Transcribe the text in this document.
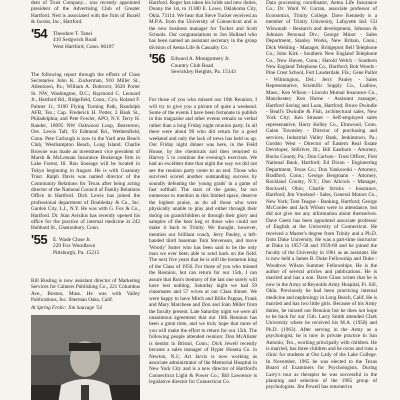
dent of Trust Company... was recently appointed president of the Advertising Club of Greater Hartford. Ned is associated with the firm of Bozell & Jacobs, Inc., Hartford.

'54 Theodore T. Tansi
410 Sedgwick Road
West Hartford, Conn. 06107

The following report through the efforts of Class Secretaries John K. Zuckerman, 910 Miller St., Allentown, Pa.; William A. Dobrovir, 3620 Porter St. NW, Washington, D.C.; Raymond C. Leonard Jr., Hartford Rd., Ridgefield, Conn.; Cyn. Roland F. Palmer Jr., 9100 Flying Turning Path, Randolph AFB, Tex.; Cap. Frederick H. Potter, 2 Bank St., Philadelphia; and Pete Fowler, APO, N.Y. Terry H. Rander, 18095 NW Oakwood Loop, Beaverton, Ore. Lewis Taft, 93 Edmund Rd., Wethersfield, Conn. Pete Carlough is now in the Yard area Beach Club, Westhampton Beach, Long Island. Charlie Browne was made an investment vice president of Marsh & McLennan Insurance Brokerage firm in Lake Forest, Ill. Ron Sousage will be located in Tokyo beginning in August. He is with Guaranty Trust. Ralph Davis was named director of the Community Relations for Texas after being acting director of the National Council of Family Relations Office in Hartford. Dick Lewis has joined the professional department of Doubleday & Co., Inc. Garden City, L.I., N.Y. He was with G. Fox & Co., Hartford. Dr. Stan Avisikis has recently opened his office for the practice of internal medicine at 242 Hubbard St., Glastonbury, Conn.

'55 E. Wade Close Jr.
229 Fox Woodlawn
Pittsburgh, Pa. 15215

Bill Rusling is now assistant director of Marketing Services for Cahners Publishing Co., 221 Columbus Ave., Boston, Mass. He was with Valley Publications, Inc. Sherman Oaks, Calif.

At Spring Frolic: Jim Sauvage '54

Hartford. Roger has taken his bride and new duties, Donny the 1st, to 11300 E. Lowe, Oklahoma City, Okla. 73114. We hear that Steve Tucker received an M.P.A. from the University of Connecticut and is the new business manager for Tucker and Scott Schools. Our congratulations to Jon Holland who has been named an assistant secretary in the group division of Aetna Life & Casualty Co.

'56 Edward A. Montgomery Jr.
Country Club Road
Sewickley Heights, Pa. 15143

For those of you who missed our 10th Reunion, I will try to give you a picture of quite a weekend. Some of the events I have been fortunate to publish in this magazine and other events remain so verbal rather than a long Friday night reunion party. In all there were about 90 who did return for a good weekend and only the lack of news has held us up. Our Friday night dinner was here, in the Field House, by the chemicals and then returned to Harvey 5 to continue the evening's exercises. We had an excellent time that night the way we did not see the reunion party come to an end. Those who survived scored another outstanding success by soundly defeating the 'young grads' in a game of fast softball. The stars of the game, far too numerous to mention in this limited space, deserve the highest praise, as do all those who were physically unable to play and either through their doting on grandchildren or through their glory and samples of the beer keg or those who could not make it back to Trinity. We thought, however, mention our brilliant coach, Jerry Pauley, a left-handed third baseman Tom Stevenson, and move 'Woody' Sutter who has been said to be the only man we ever been able to send back on the field. The next five years that he is still the homerun king of the Class of 1956. For those of you who missed the Reunion, but can return for our 15th, I can assure that Ron's memory of the last one surely will have lost nothing. Saturday night we had 59 classmates and 57 wives at our Class dinner. We were happy to have Mitch and Billie Pappas, Frank and Mary Marchese and Don and Joan Miller from the faculty present. Late Saturday night we were all unanimous agreement that our 10th Reunion has been a great time, and we truly hope that more of you will make the effort to return for our 15th. The following people attended reunion: Don McAlister is dentist in Bristol, Conn.; Dick Jewell recently became a sales manager of Hyper Honeta Co. in Newton, N.J.; Art Jarvis is now working as associate administrator of the Memorial Hospital in New York City and is a new director of Hartford's Connecticut Light & Power Co.; Bill Lawrence is legislative director for Connecticut Co.

Data processing coordinator, Aetna Life Insurance Co.; Dr. Ward W. Curran, associate professor of Economics, Trinity College. Dave Kennedy is a member of Trinity University, Lafayette Ind. Gil Wiswandt - Research and development, Johnson & Johnson Personal Div.; George Minor - Sales Department, Stanley Works, New Britain, Conn.; Dick Wehling - Manager, Bridgeport Bell Telephone Co.; John Kirk - Southern New England Telephone Co., New Haven, Conn.; Harold Welch - Southern New England Telephone Co., Hartford; Bob Woods - Pine Crest School, Fort Lauderdale, Fla.; Gene Pallot - Wilmington, Del.; Jerry Pauley - Sales Representative, Scientific Supply Co., Ludlow, Mass.; Ken Wilson - Lincoln Mutual Insurance Co., Manchester; Ken Horne - Assistant manager, Hartford Saving and Loan, Hartford; Bruce Dwindle - Beall's Dwindle & Fish, architectural sales, New York City; Ken Strasser - Self-employed sales representative, Harry Kelley Co., Elmwood, Conn. Galen Townsley - Director of purchasing and services, Industrial Valley Bank, Jenkintown, Pa.; Gordon West - Director of Eastern Real Estate Developer, Stillriver, Ill.; Bill Eastburn - Attorney, Bucks County, Pa.; Don Carlson - Trust Officer, First National Bank, Hartford; Ed Dixon - Engineering Department, Texas Co.; Don Yankowski - Attorney, Bradford, Conn.; George Bergmann - Attorney, Rockland County, N.Y.; Don Allcock - Manager, Rockwell, Ohio; Charlie Stricks - Insurance, Hartford; Jim Vreeland - Sales, General Motors Co., New York; Tom Teague - Banking, Hartford; George McConlee and Jack Wilson were in attendance, but did not give me any information about themselves. Dave Geetz has been appointed associate professor of English at the University of Connecticut. He received a Master's degree from Trinity and a Ph.D. from Duke University. He was a part-time instructor at Duke in 1957-58 and 1959-60 and he joined the faculty of the University in 1961 as an assistant. He is now held a James B. Duke Fellowship and Duke - Woodrow Wilson Summer Fellowships. He is the author of several articles and publications. He is married and has a son. Dave Glass writes that he is now in the Army at Reynolds Army Hospital, Ft. Sill, Okla. Previously he had been practicing internal medicine and nephrology in Long Beach, Calif. He is married and has two little girls. Because of his Army duties, he missed our Reunion but he does not hope to be back for our 15th. Larry Smith attended Clark University where he received his M.A. (1958) and Ph.D. (1963). After serving in the Army as a psychologist, he is now in private practice in San Antonio, Tex., working principally with children. He is married, has three children and he owns and runs a clinic for students at Our Lady of the Lake College. In November, 1965 he was elected to the Texas Board of Examiners for Psychologists. During Larry's tour as therapist he was successful in the planning and selection of the 1965 group of psychologists. Jim Powell has returned to
